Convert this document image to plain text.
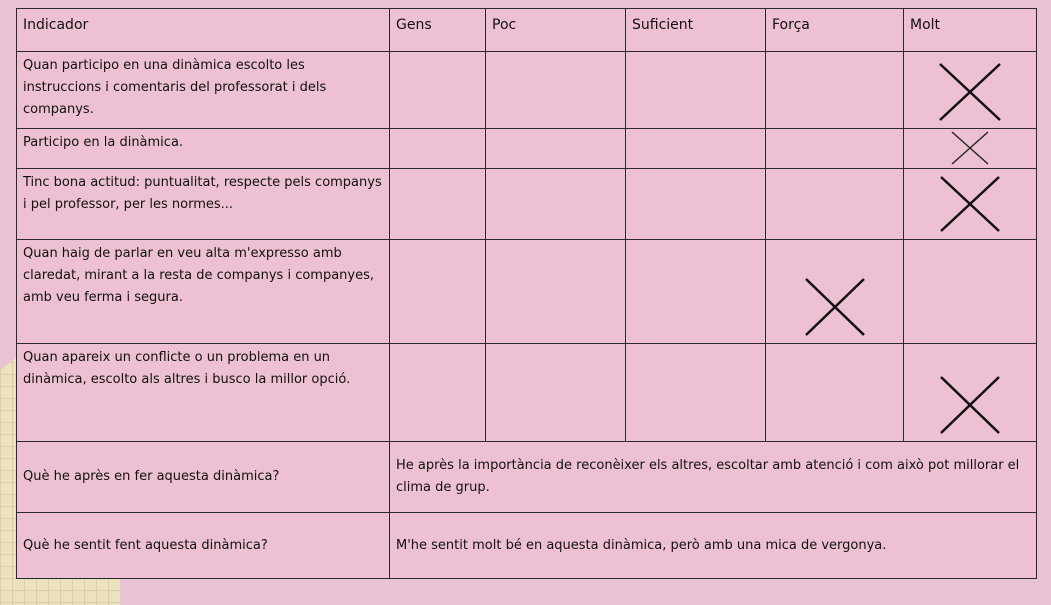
Indicador	Gens	Poc	Suficient	Força	Molt
Quan participo en una dinàmica escolto les instruccions i comentaris del professorat i dels companys.					

Participo en la dinàmica.					

Tinc bona actitud: puntualitat, respecte pels companys i pel professor, per les normes...					

Quan haig de parlar en veu alta m'expresso amb claredat, mirant a la resta de companys i companyes, amb veu ferma i segura.				

Quan apareix un conflicte o un problema en un dinàmica, escolto als altres i busco la millor opció.					

Què he après en fer aquesta dinàmica?	He après la importància de reconèixer els altres, escoltar amb atenció i com això pot millorar el clima de grup.				
Què he sentit fent aquesta dinàmica?	M'he sentit molt bé en aquesta dinàmica, però amb una mica de vergonya.				
